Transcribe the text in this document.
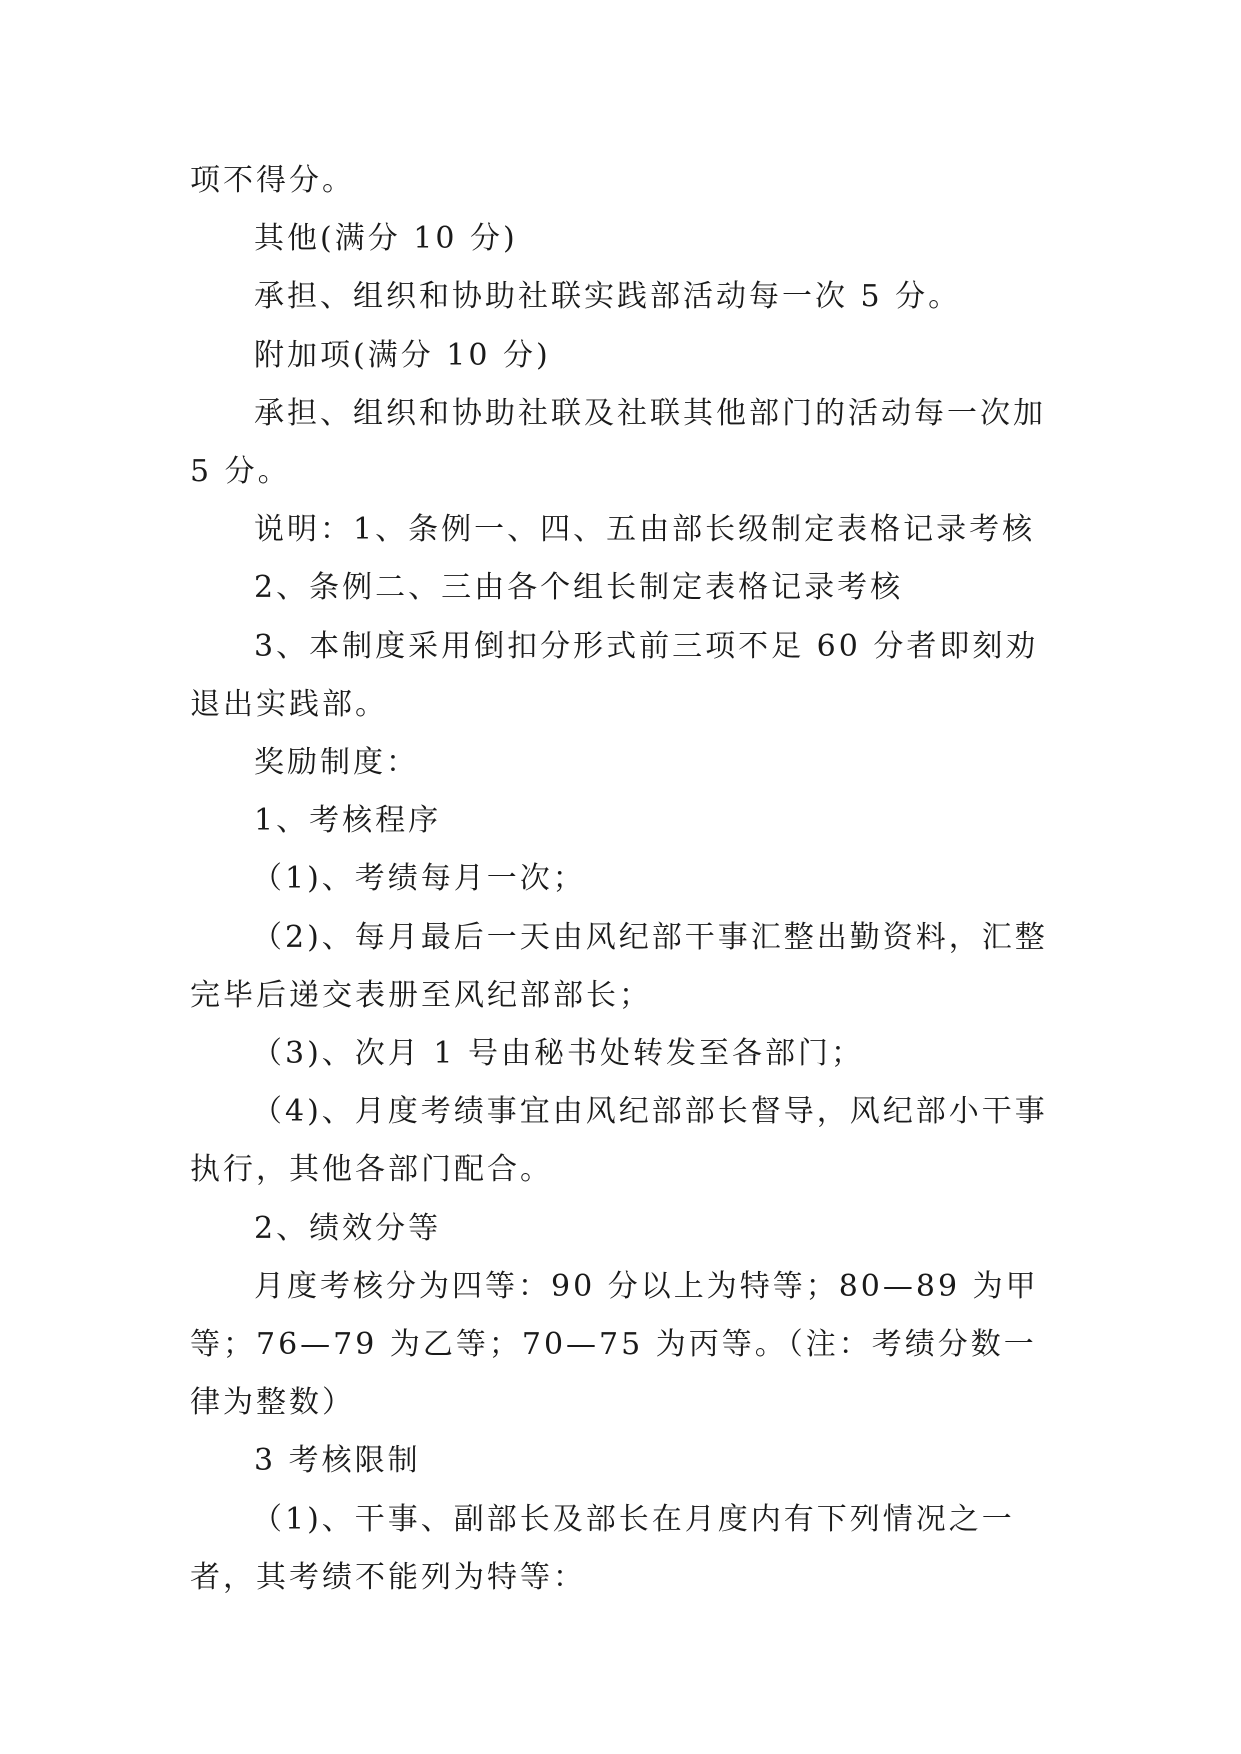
项不得分。

其他(满分 10 分)

承担、组织和协助社联实践部活动每一次 5 分。

附加项(满分 10 分)

承担、组织和协助社联及社联其他部门的活动每一次加 5 分。

说明：1、条例一、四、五由部长级制定表格记录考核

2、条例二、三由各个组长制定表格记录考核

3、本制度采用倒扣分形式前三项不足 60 分者即刻劝退出实践部。

奖励制度：

1、考核程序

（1)、考绩每月一次；

（2)、每月最后一天由风纪部干事汇整出勤资料，汇整完毕后递交表册至风纪部部长；

（3)、次月 1 号由秘书处转发至各部门；

（4)、月度考绩事宜由风纪部部长督导，风纪部小干事执行，其他各部门配合。

2、绩效分等

月度考核分为四等：90 分以上为特等；80—89 为甲等；76—79 为乙等；70—75 为丙等。（注：考绩分数一律为整数）

3 考核限制

（1)、干事、副部长及部长在月度内有下列情况之一者，其考绩不能列为特等：
